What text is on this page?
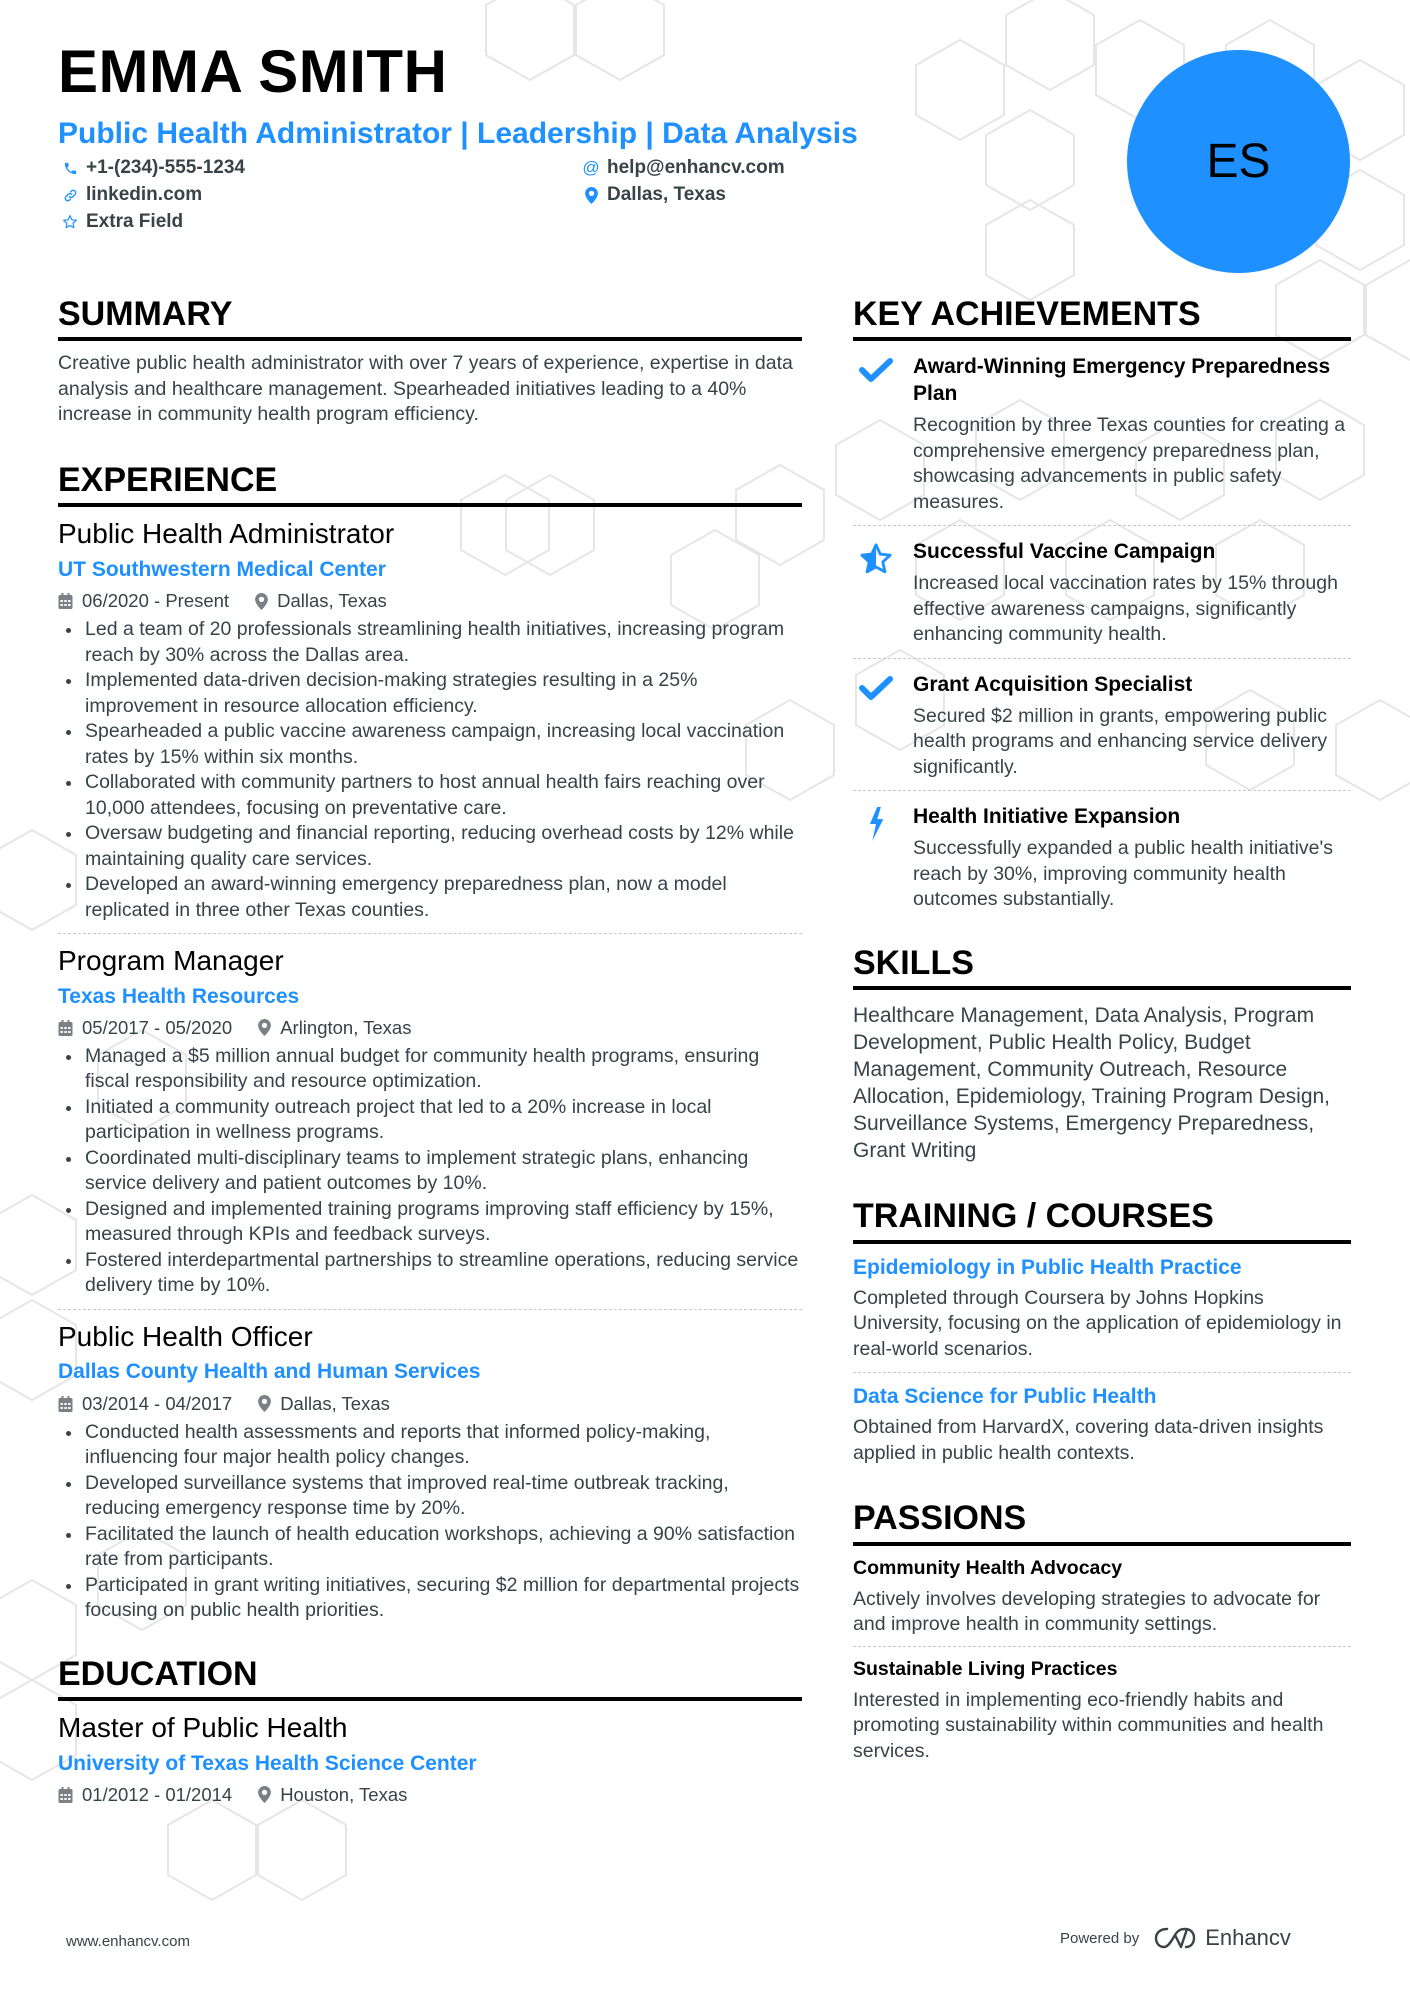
EMMA SMITH
Public Health Administrator | Leadership | Data Analysis
+1-(234)-555-1234	@ help@enhancv.com
linkedin.com	Dallas, Texas
Extra Field
ES
SUMMARY

Creative public health administrator with over 7 years of experience, expertise in data analysis and healthcare management. Spearheaded initiatives leading to a 40% increase in community health program efficiency.

EXPERIENCE
Public Health Administrator
UT Southwestern Medical Center
06/2020 - Present	Dallas, Texas
Led a team of 20 professionals streamlining health initiatives, increasing program reach by 30% across the Dallas area.
Implemented data-driven decision-making strategies resulting in a 25% improvement in resource allocation efficiency.
Spearheaded a public vaccine awareness campaign, increasing local vaccination rates by 15% within six months.
Collaborated with community partners to host annual health fairs reaching over 10,000 attendees, focusing on preventative care.
Oversaw budgeting and financial reporting, reducing overhead costs by 12% while maintaining quality care services.
Developed an award-winning emergency preparedness plan, now a model replicated in three other Texas counties.
Program Manager
Texas Health Resources
05/2017 - 05/2020	Arlington, Texas
Managed a $5 million annual budget for community health programs, ensuring fiscal responsibility and resource optimization.
Initiated a community outreach project that led to a 20% increase in local participation in wellness programs.
Coordinated multi-disciplinary teams to implement strategic plans, enhancing service delivery and patient outcomes by 10%.
Designed and implemented training programs improving staff efficiency by 15%, measured through KPIs and feedback surveys.
Fostered interdepartmental partnerships to streamline operations, reducing service delivery time by 10%.
Public Health Officer
Dallas County Health and Human Services
03/2014 - 04/2017	Dallas, Texas
Conducted health assessments and reports that informed policy-making, influencing four major health policy changes.
Developed surveillance systems that improved real-time outbreak tracking, reducing emergency response time by 20%.
Facilitated the launch of health education workshops, achieving a 90% satisfaction rate from participants.
Participated in grant writing initiatives, securing $2 million for departmental projects focusing on public health priorities.
EDUCATION
Master of Public Health
University of Texas Health Science Center
01/2012 - 01/2014	Houston, Texas
KEY ACHIEVEMENTS
Award-Winning Emergency Preparedness Plan
Recognition by three Texas counties for creating a comprehensive emergency preparedness plan, showcasing advancements in public safety measures.
Successful Vaccine Campaign
Increased local vaccination rates by 15% through effective awareness campaigns, significantly enhancing community health.
Grant Acquisition Specialist
Secured $2 million in grants, empowering public health programs and enhancing service delivery significantly.
Health Initiative Expansion
Successfully expanded a public health initiative's reach by 30%, improving community health outcomes substantially.
SKILLS

Healthcare Management, Data Analysis, Program Development, Public Health Policy, Budget Management, Community Outreach, Resource Allocation, Epidemiology, Training Program Design, Surveillance Systems, Emergency Preparedness, Grant Writing

TRAINING / COURSES
Epidemiology in Public Health Practice
Completed through Coursera by Johns Hopkins University, focusing on the application of epidemiology in real-world scenarios.
Data Science for Public Health
Obtained from HarvardX, covering data-driven insights applied in public health contexts.
PASSIONS
Community Health Advocacy
Actively involves developing strategies to advocate for and improve health in community settings.
Sustainable Living Practices
Interested in implementing eco-friendly habits and promoting sustainability within communities and health services.
www.enhancv.com	Powered by	Enhancv
